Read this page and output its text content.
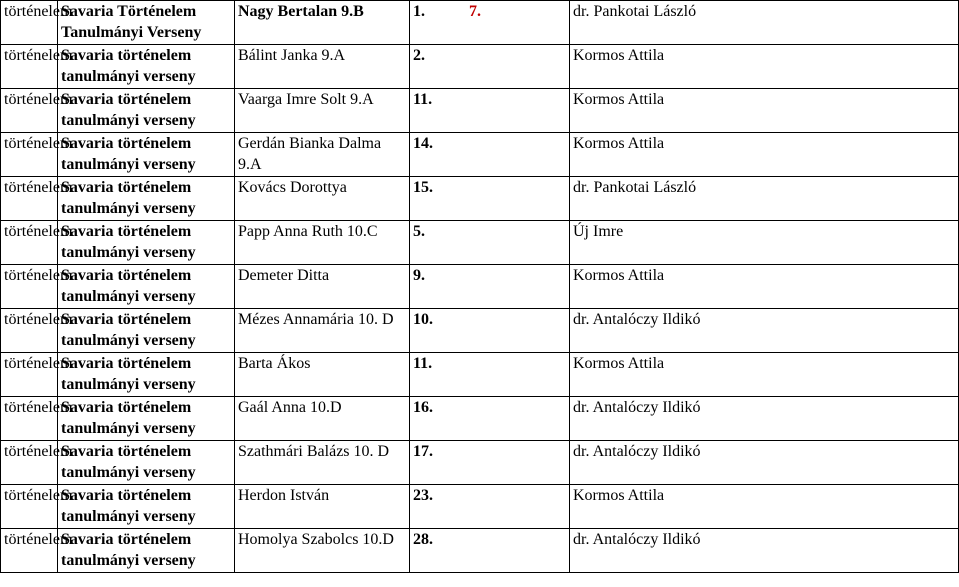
történelem	Savaria Történelem Tanulmányi Verseny	Nagy Bertalan 9.B	1. 7.	dr. Pankotai László
történelem	Savaria történelem tanulmányi verseny	Bálint Janka 9.A	2.	Kormos Attila
történelem	Savaria történelem tanulmányi verseny	Vaarga Imre Solt 9.A	11.	Kormos Attila
történelem	Savaria történelem tanulmányi verseny	Gerdán Bianka Dalma 9.A	14.	Kormos Attila
történelem	Savaria történelem tanulmányi verseny	Kovács Dorottya	15.	dr. Pankotai László
történelem	Savaria történelem tanulmányi verseny	Papp Anna Ruth 10.C	5.	Új Imre
történelem	Savaria történelem tanulmányi verseny	Demeter Ditta	9.	Kormos Attila
történelem	Savaria történelem tanulmányi verseny	Mézes Annamária 10. D	10.	dr. Antalóczy Ildikó
történelem	Savaria történelem tanulmányi verseny	Barta Ákos	11.	Kormos Attila
történelem	Savaria történelem tanulmányi verseny	Gaál Anna 10.D	16.	dr. Antalóczy Ildikó
történelem	Savaria történelem tanulmányi verseny	Szathmári Balázs 10. D	17.	dr. Antalóczy Ildikó
történelem	Savaria történelem tanulmányi verseny	Herdon István	23.	Kormos Attila
történelem	Savaria történelem tanulmányi verseny	Homolya Szabolcs 10.D	28.	dr. Antalóczy Ildikó
